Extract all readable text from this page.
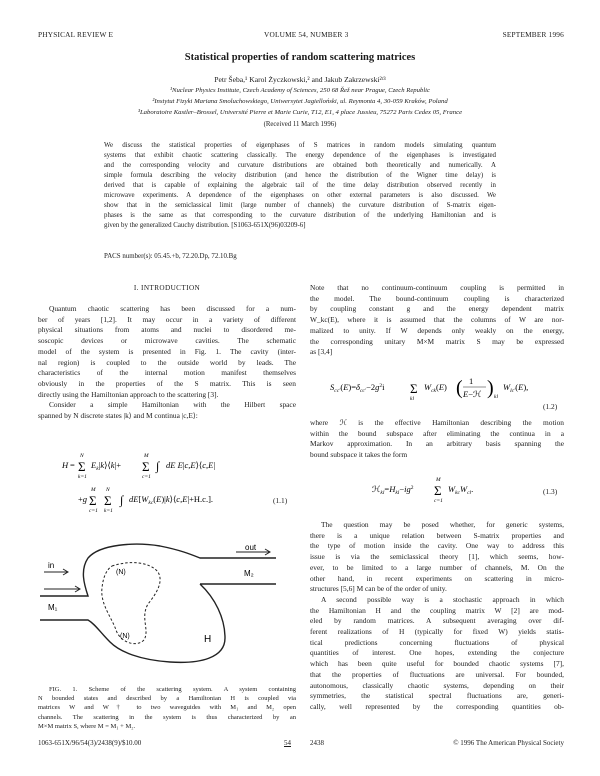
PHYSICAL REVIEW E	VOLUME 54, NUMBER 3	SEPTEMBER 1996
Statistical properties of random scattering matrices
Petr Šeba,¹ Karol Życzkowski,² and Jakub Zakrzewski²ʳ³
¹Nuclear Physics Institute, Czech Academy of Sciences, 250 68 Řež near Prague, Czech Republic
²Instytut Fizyki Mariana Smoluchowskiego, Uniwersytet Jagielloński, ul. Reymonta 4, 30-059 Kraków, Poland
³Laboratoire Kastler–Brossel, Université Pierre et Marie Curie, T12, E1, 4 place Jussieu, 75272 Paris Cedex 05, France
(Received 11 March 1996)
We discuss the statistical properties of eigenphases of S matrices in random models simulating quantum
systems that exhibit chaotic scattering classically. The energy dependence of the eigenphases is investigated
and the corresponding velocity and curvature distributions are obtained both theoretically and numerically. A
simple formula describing the velocity distribution (and hence the distribution of the Wigner time delay) is
derived that is capable of explaining the algebraic tail of the time delay distribution observed recently in
microwave experiments. A dependence of the eigenphases on other external parameters is also discussed. We
show that in the semiclassical limit (large number of channels) the curvature distribution of S-matrix eigen-
phases is the same as that corresponding to the curvature distribution of the underlying Hamiltonian and is
given by the generalized Cauchy distribution. [S1063-651X(96)03209-6]
PACS number(s): 05.45.+b, 72.20.Dp, 72.10.Bg
I. INTRODUCTION
Quantum chaotic scattering has been discussed for a num-
ber of years [1,2]. It may occur in a variety of different
physical situations from atoms and nuclei to disordered me-
soscopic devices or microwave cavities. The schematic
model of the system is presented in Fig. 1. The cavity (inter-
nal region) is coupled to the outside world by leads. The
characteristics of the internal motion manifest themselves
obviously in the properties of the S matrix. This is seen
directly using the Hamiltonian approach to the scattering [3].
Consider a simple Hamiltonian with the Hilbert space
spanned by N discrete states |k⟩ and M continua |c,E⟩:
H = Σ
N
k=1
$E_k|k⟩⟨k|+ \Sigma$
M
c=1
∫ dE E|c,E⟩⟨c,E|
+g Σ
M
c=1
Σ
N
k=1
∫ $dE[W_{kc}(E)|k⟩⟨c,E|+H.c.]$.	(1.1)
out
M₂
in
M₁
in
H
(N)
(N)
FIG. 1. Scheme of the scattering system. A system containing
N bounded states and described by a Hamiltonian H is coupled via
matrices W and W† to two waveguides with M₁ and M₂ open
channels. The scattering in the system is thus characterized by an
M×M matrix S, where M = M₁ + M₂.
Note that no continuum-continuum coupling is permitted in
the model. The bound-continuum coupling is characterized
by coupling constant g and the energy dependent matrix
W_kc(E), where it is assumed that the columns of W are nor-
malized to unity. If W depends only weakly on the energy,
the corresponding unitary M×M matrix S may be expressed
as [3,4]
$S_{cc'}(E)=\delta_{cc'}-2g^2i$ Σ
kl
$W_{ck}(E)$ ( 1
E−ℋ ) kl
$W_{lc'}(E)$,
(1.2)
where ℋ is the effective Hamiltonian describing the motion
within the bound subspace after eliminating the continua in a
Markov approximation. In an arbitrary basis spanning the
bound subspace it takes the form
$ℋ_{kl}=H_{kl}-ig^2$ Σ
M
c=1
$W_{kc}W_{cl}$.	(1.3)
The question may be posed whether, for generic systems,
there is a unique relation between S-matrix properties and
the type of motion inside the cavity. One way to address this
issue is via the semiclassical theory [1], which seems, how-
ever, to be limited to a large number of channels, M. On the
other hand, in recent experiments on scattering in micro-
structures [5,6] M can be of the order of unity.
A second possible way is a stochastic approach in which
the Hamiltonian H and the coupling matrix W [2] are mod-
eled by random matrices. A subsequent averaging over dif-
ferent realizations of H (typically for fixed W) yields statis-
tical predictions concerning fluctuations of physical
quantities of interest. One hopes, extending the conjecture
which has been quite useful for bounded chaotic systems [7],
that the properties of fluctuations are universal. For bounded,
autonomous, classically chaotic systems, depending on their
symmetries, the statistical spectral fluctuations are, generi-
cally, well represented by the corresponding quantities ob-
1063-651X/96/54(3)/2438(9)/$10.00	54	2438	© 1996 The American Physical Society
